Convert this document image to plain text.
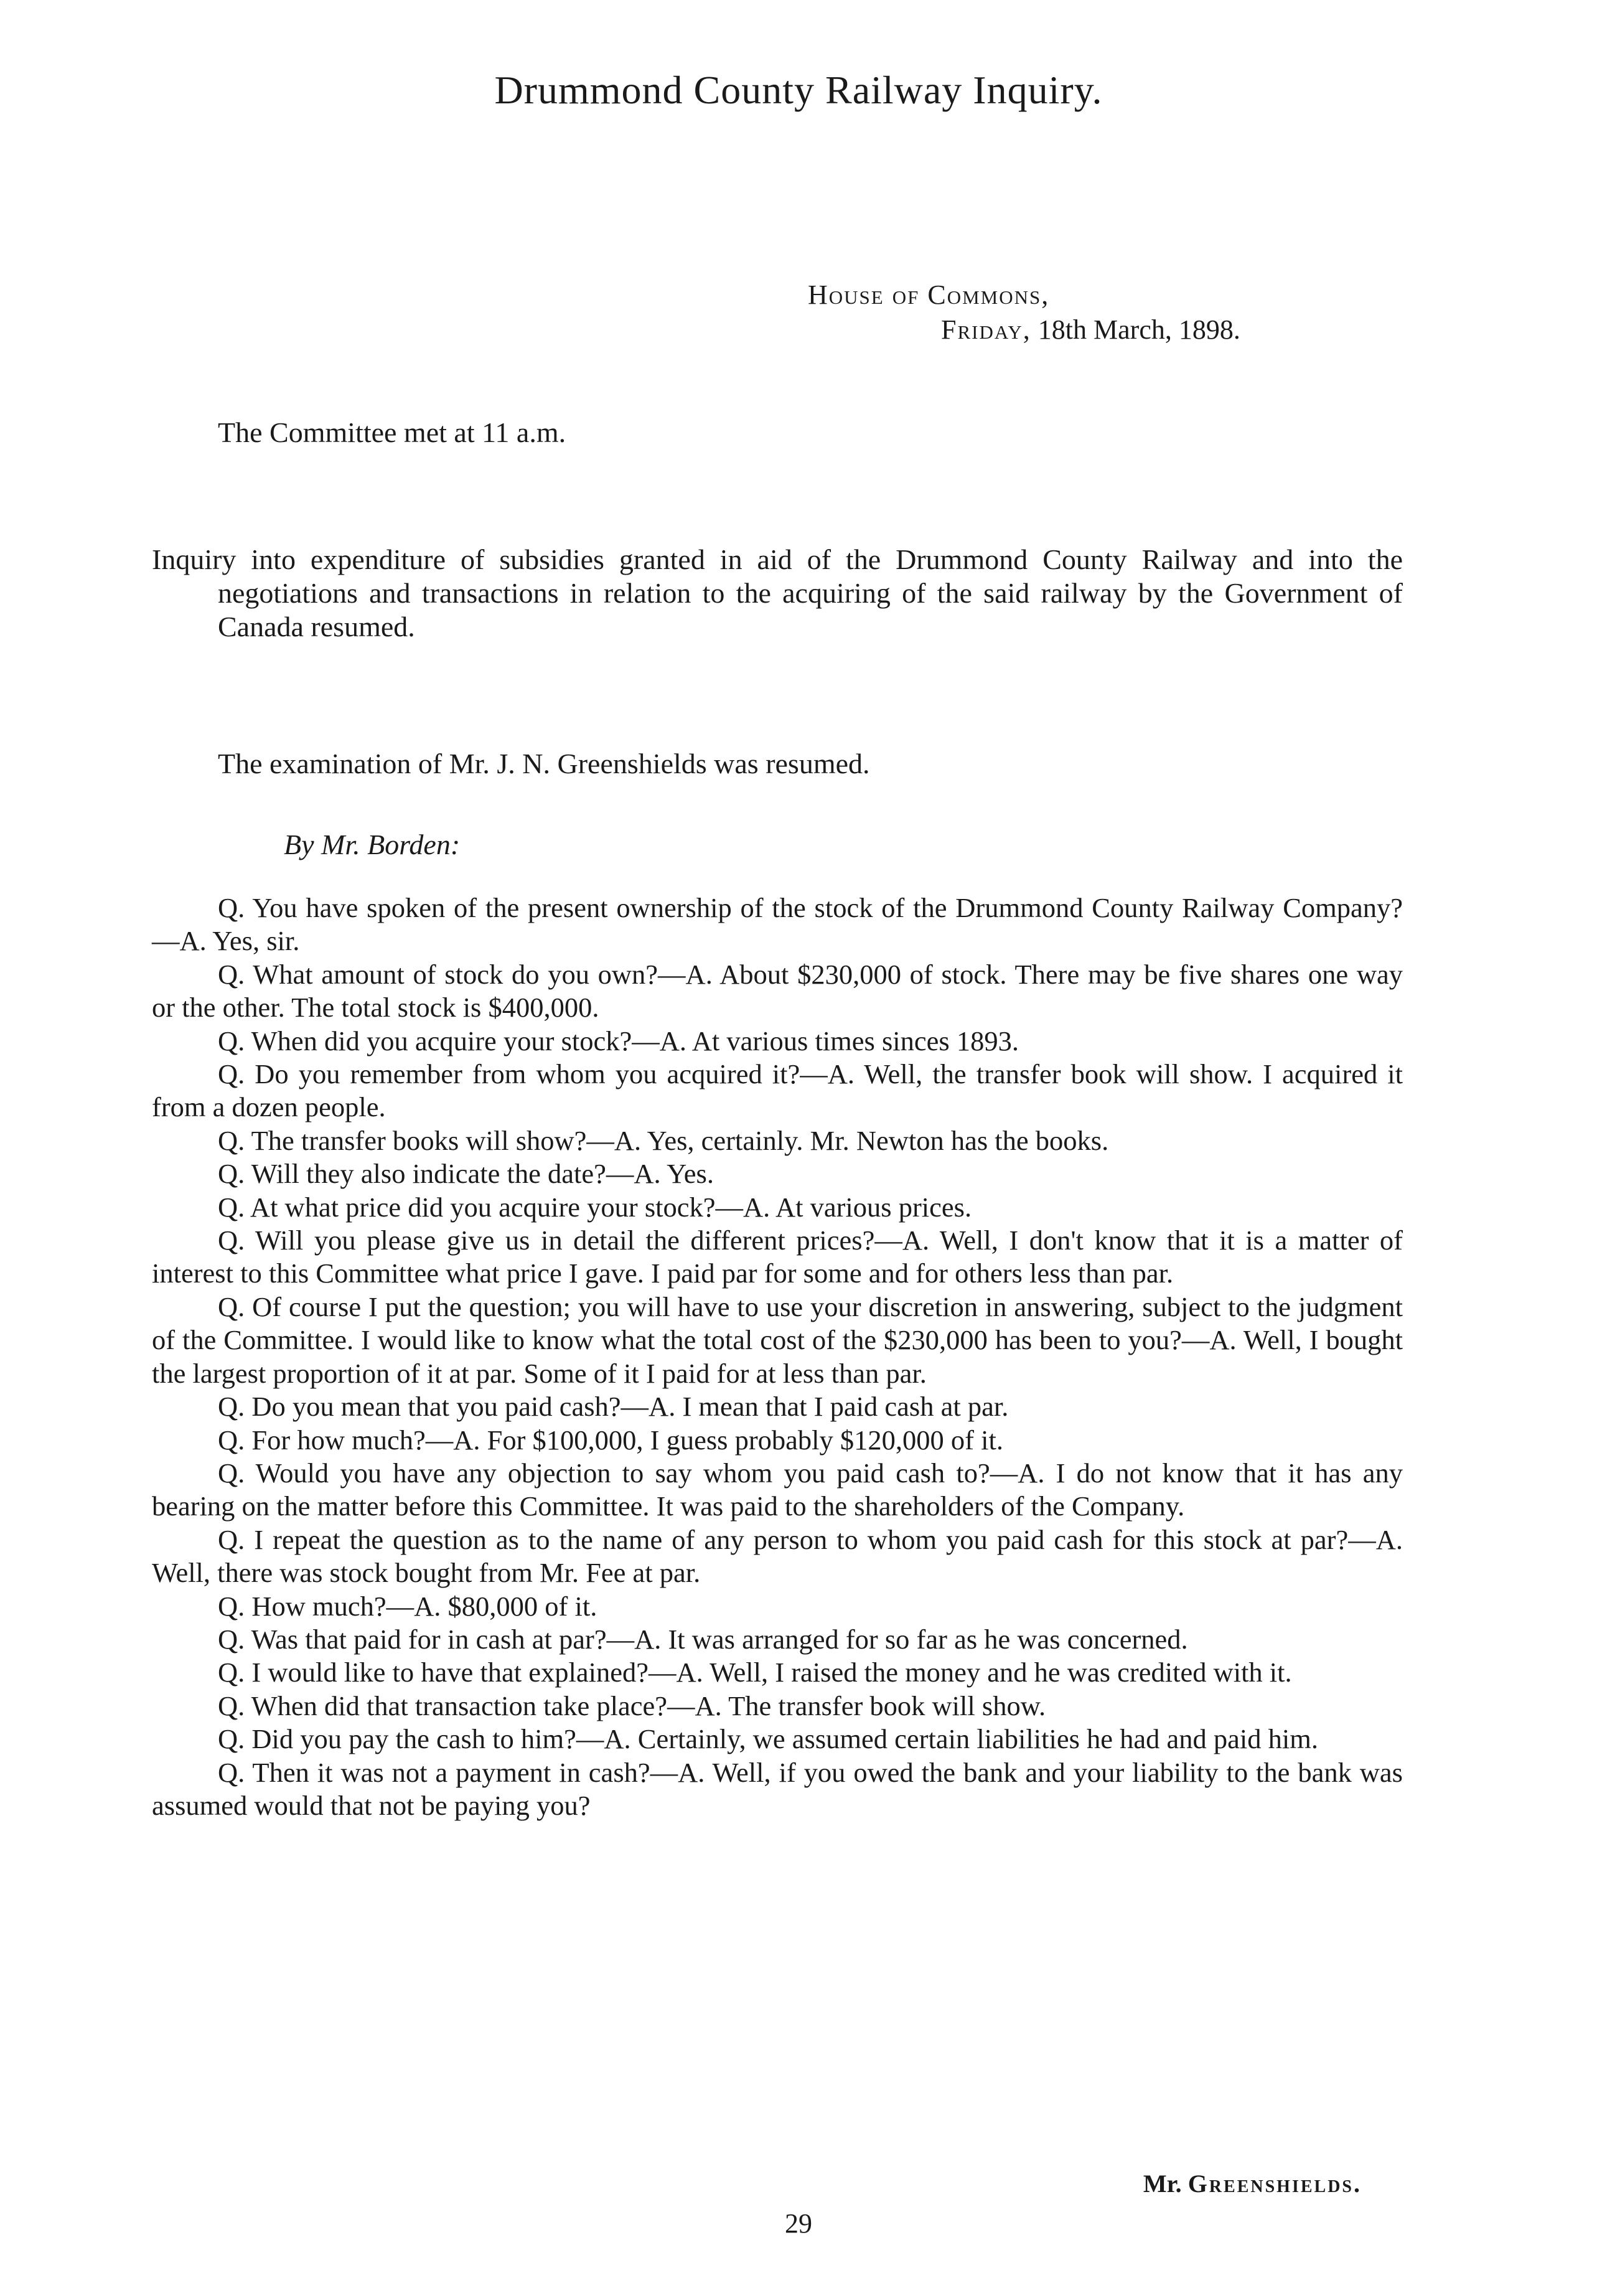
Drummond County Railway Inquiry.
House of Commons,
Friday, 18th March, 1898.
The Committee met at 11 a.m.

Inquiry into expenditure of subsidies granted in aid of the Drummond County Railway and into the negotiations and transactions in relation to the acquiring of the said railway by the Government of Canada resumed.

The examination of Mr. J. N. Greenshields was resumed.
By Mr. Borden:

Q. You have spoken of the present ownership of the stock of the Drummond County Railway Company?—A. Yes, sir.

Q. What amount of stock do you own?—A. About $230,000 of stock. There may be five shares one way or the other. The total stock is $400,000.

Q. When did you acquire your stock?—A. At various times sinces 1893.

Q. Do you remember from whom you acquired it?—A. Well, the transfer book will show. I acquired it from a dozen people.

Q. The transfer books will show?—A. Yes, certainly. Mr. Newton has the books.

Q. Will they also indicate the date?—A. Yes.

Q. At what price did you acquire your stock?—A. At various prices.

Q. Will you please give us in detail the different prices?—A. Well, I don't know that it is a matter of interest to this Committee what price I gave. I paid par for some and for others less than par.

Q. Of course I put the question; you will have to use your discretion in answering, subject to the judgment of the Committee. I would like to know what the total cost of the $230,000 has been to you?—A. Well, I bought the largest proportion of it at par. Some of it I paid for at less than par.

Q. Do you mean that you paid cash?—A. I mean that I paid cash at par.

Q. For how much?—A. For $100,000, I guess probably $120,000 of it.

Q. Would you have any objection to say whom you paid cash to?—A. I do not know that it has any bearing on the matter before this Committee. It was paid to the shareholders of the Company.

Q. I repeat the question as to the name of any person to whom you paid cash for this stock at par?—A. Well, there was stock bought from Mr. Fee at par.

Q. How much?—A. $80,000 of it.

Q. Was that paid for in cash at par?—A. It was arranged for so far as he was concerned.

Q. I would like to have that explained?—A. Well, I raised the money and he was credited with it.

Q. When did that transaction take place?—A. The transfer book will show.

Q. Did you pay the cash to him?—A. Certainly, we assumed certain liabilities he had and paid him.

Q. Then it was not a payment in cash?—A. Well, if you owed the bank and your liability to the bank was assumed would that not be paying you?

Mr. Greenshields.
29
